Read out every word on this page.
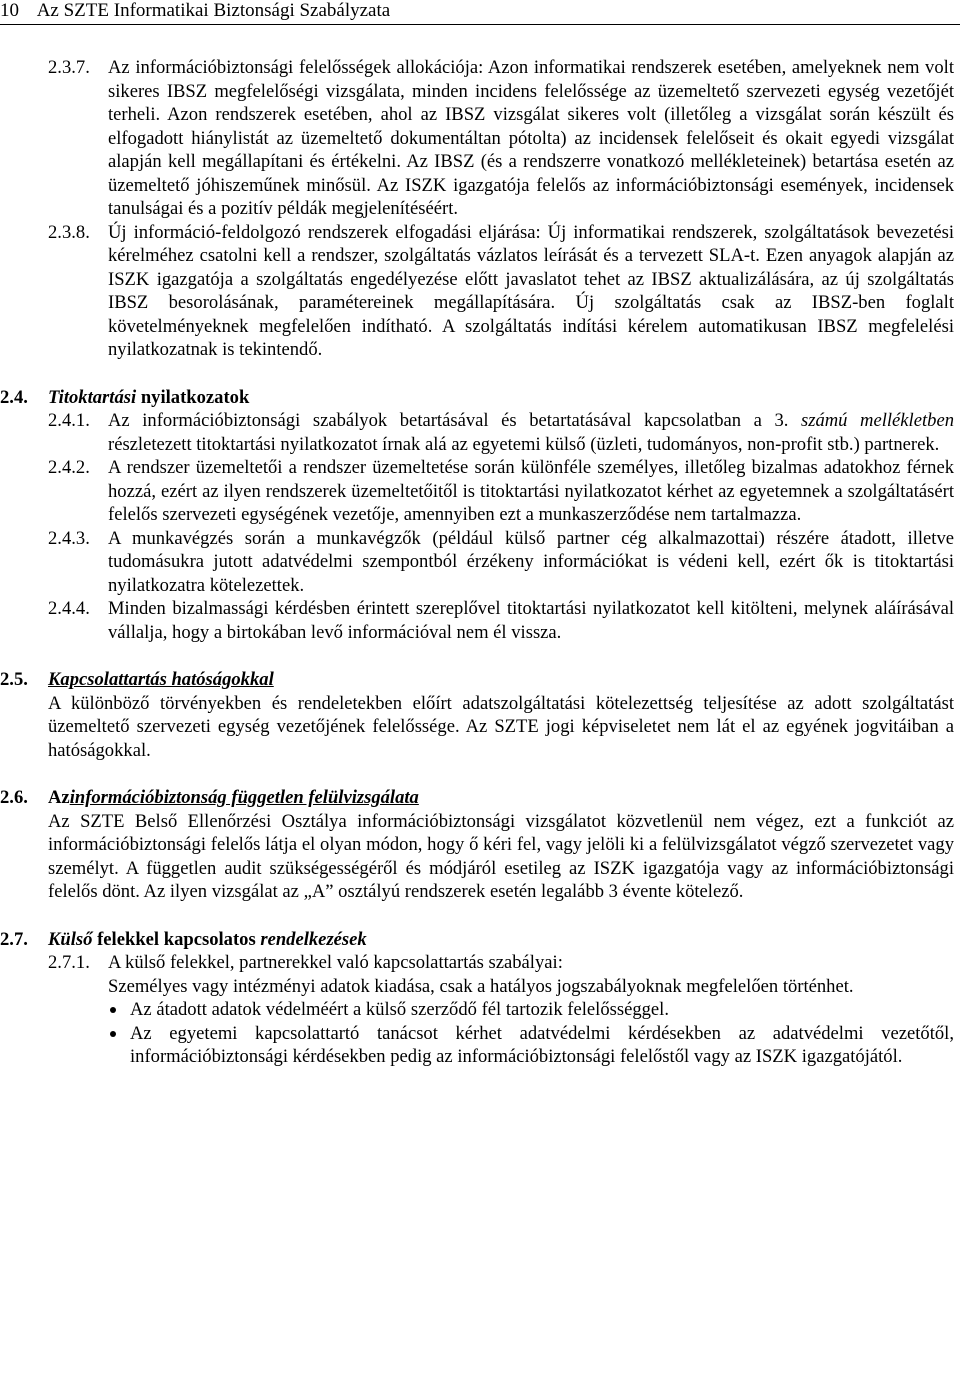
10 Az SZTE Informatikai Biztonsági Szabályzata
2.3.7. Az információbiztonsági felelősségek allokációja: Azon informatikai rendszerek esetében, amelyeknek nem volt sikeres IBSZ megfelelőségi vizsgálata, minden incidens felelőssége az üzemeltető szervezeti egység vezetőjét terheli. Azon rendszerek esetében, ahol az IBSZ vizsgálat sikeres volt (illetőleg a vizsgálat során készült és elfogadott hiánylistát az üzemeltető dokumentáltan pótolta) az incidensek felelőseit és okait egyedi vizsgálat alapján kell megállapítani és értékelni. Az IBSZ (és a rendszerre vonatkozó mellékleteinek) betartása esetén az üzemeltető jóhiszeműnek minősül. Az ISZK igazgatója felelős az információbiztonsági események, incidensek tanulságai és a pozitív példák megjelenítéséért.

2.3.8. Új információ-feldolgozó rendszerek elfogadási eljárása: Új informatikai rendszerek, szolgáltatások bevezetési kérelméhez csatolni kell a rendszer, szolgáltatás vázlatos leírását és a tervezett SLA-t. Ezen anyagok alapján az ISZK igazgatója a szolgáltatás engedélyezése előtt javaslatot tehet az IBSZ aktualizálására, az új szolgáltatás IBSZ besorolásának, paramétereinek megállapítására. Új szolgáltatás csak az IBSZ-ben foglalt követelményeknek megfelelően indítható. A szolgáltatás indítási kérelem automatikusan IBSZ megfelelési nyilatkozatnak is tekintendő.

2.4. Titoktartási nyilatkozatok
2.4.1. Az információbiztonsági szabályok betartásával és betartatásával kapcsolatban a 3. számú mellékletben részletezett titoktartási nyilatkozatot írnak alá az egyetemi külső (üzleti, tudományos, non-profit stb.) partnerek.

2.4.2. A rendszer üzemeltetői a rendszer üzemeltetése során különféle személyes, illetőleg bizalmas adatokhoz férnek hozzá, ezért az ilyen rendszerek üzemeltetőitől is titoktartási nyilatkozatot kérhet az egyetemnek a szolgáltatásért felelős szervezeti egységének vezetője, amennyiben ezt a munkaszerződése nem tartalmazza.

2.4.3. A munkavégzés során a munkavégzők (például külső partner cég alkalmazottai) részére átadott, illetve tudomásukra jutott adatvédelmi szempontból érzékeny információkat is védeni kell, ezért ők is titoktartási nyilatkozatra kötelezettek.

2.4.4. Minden bizalmassági kérdésben érintett szereplővel titoktartási nyilatkozatot kell kitölteni, melynek aláírásával vállalja, hogy a birtokában levő információval nem él vissza.

2.5. Kapcsolattartás hatóságokkal
A különböző törvényekben és rendeletekben előírt adatszolgáltatási kötelezettség teljesítése az adott szolgáltatást üzemeltető szervezeti egység vezetőjének felelőssége. Az SZTE jogi képviseletet nem lát el az egyének jogvitáiban a hatóságokkal.
2.6. Azinformációbiztonság független felülvizsgálata
Az SZTE Belső Ellenőrzési Osztálya információbiztonsági vizsgálatot közvetlenül nem végez, ezt a funkciót az információbiztonsági felelős látja el olyan módon, hogy ő kéri fel, vagy jelöli ki a felülvizsgálatot végző szervezetet vagy személyt. A független audit szükségességéről és módjáról esetileg az ISZK igazgatója vagy az információbiztonsági felelős dönt. Az ilyen vizsgálat az „A” osztályú rendszerek esetén legalább 3 évente kötelező.
2.7. Külső felekkel kapcsolatos rendelkezések
2.7.1. A külső felekkel, partnerekkel való kapcsolattartás szabályai:

Személyes vagy intézményi adatok kiadása, csak a hatályos jogszabályoknak megfelelően történhet.

Az átadott adatok védelméért a külső szerződő fél tartozik felelősséggel.
Az egyetemi kapcsolattartó tanácsot kérhet adatvédelmi kérdésekben az adatvédelmi vezetőtől, információbiztonsági kérdésekben pedig az információbiztonsági felelőstől vagy az ISZK igazgatójától.
